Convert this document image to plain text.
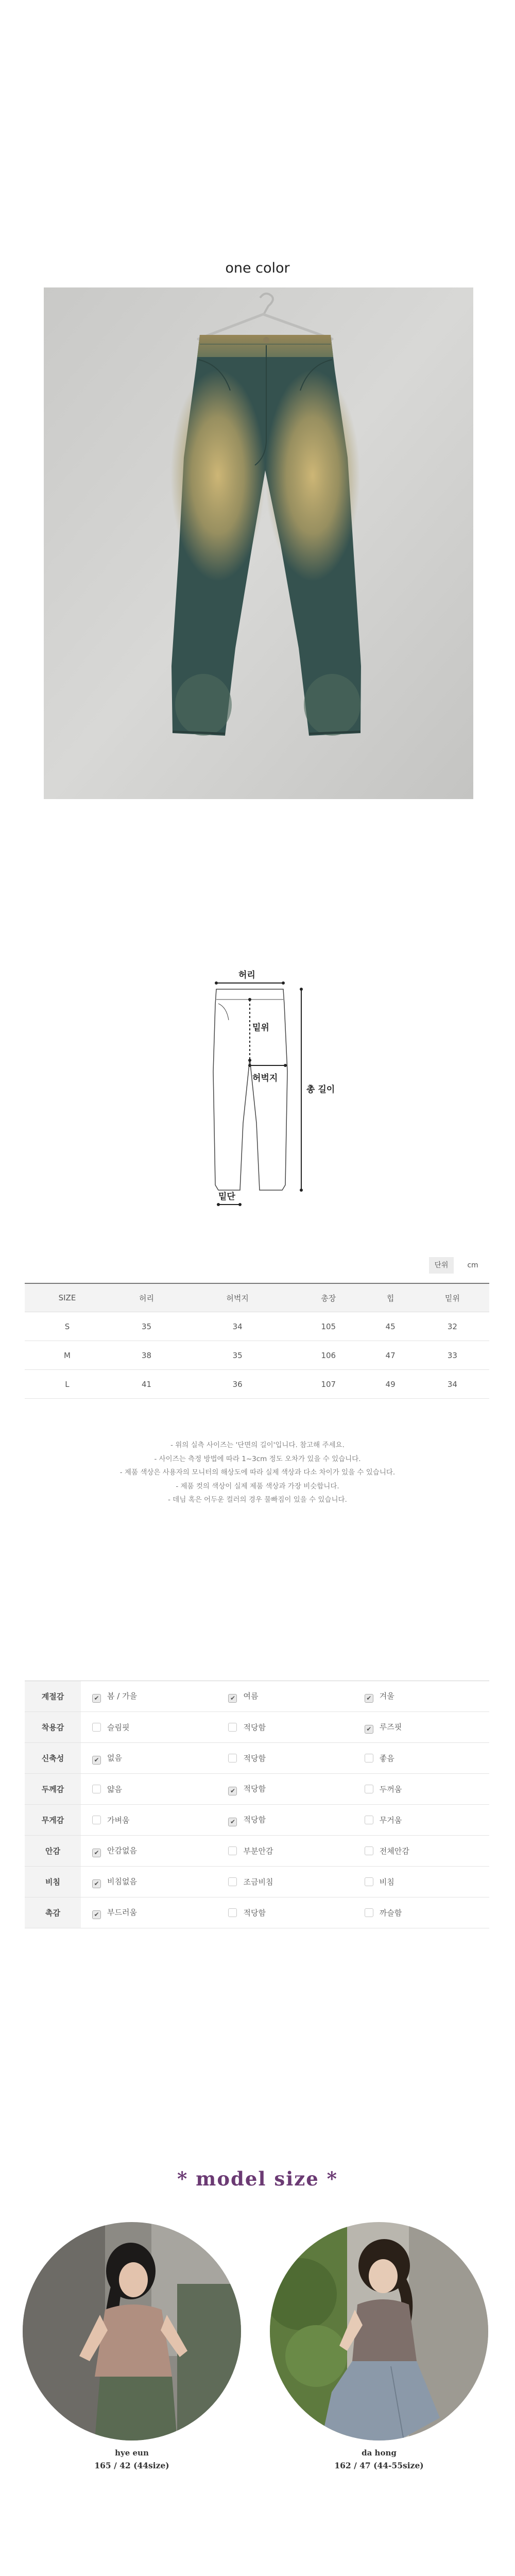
one color
허리
밑위
허벅지
밑단
총 길이
단위	cm
SIZE	허리	허벅지	총장	힙	밑위
S	35	34	105	45	32
M	38	35	106	47	33
L	41	36	107	49	34
- 위의 실측 사이즈는 '단면의 길이'입니다. 참고해 주세요.
- 사이즈는 측정 방법에 따라 1~3cm 정도 오차가 있을 수 있습니다.
- 제품 색상은 사용자의 모니터의 해상도에 따라 실제 색상과 다소 차이가 있을 수 있습니다.
- 제품 컷의 색상이 실제 제품 색상과 가장 비슷합니다.
- 데님 혹은 어두운 컬러의 경우 물빠짐이 있을 수 있습니다.
계절감	✔ 봄 / 가을	✔ 여름	✔ 겨울
착용감	슬림핏	적당함	✔ 루즈핏
신축성	✔ 없음	적당함	좋음
두께감	얇음	✔ 적당함	두꺼움
무게감	가벼움	✔ 적당함	무거움
안감	✔ 안감없음	부분안감	전체안감
비침	✔ 비침없음	조금비침	비침
촉감	✔ 부드러움	적당함	까슬함
* model size *
hye eun
165 / 42 (44size)
da hong
162 / 47 (44-55size)
